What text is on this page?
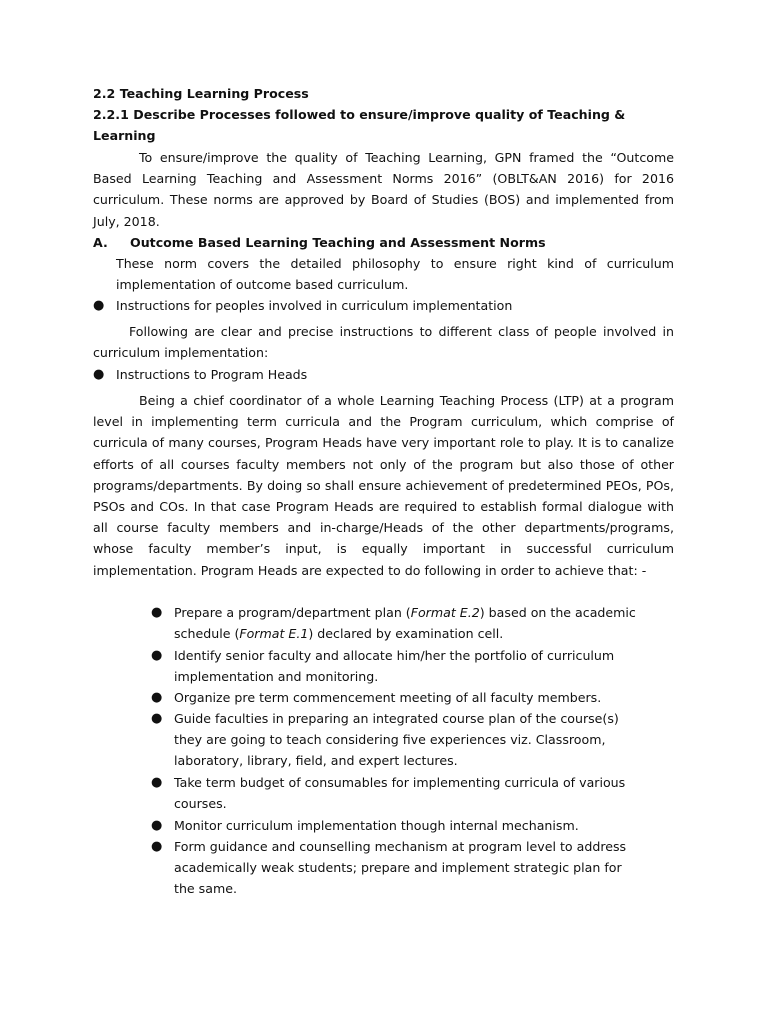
2.2 Teaching Learning Process
2.2.1 Describe Processes followed to ensure/improve quality of Teaching & Learning
To ensure/improve the quality of Teaching Learning, GPN framed the “Outcome Based Learning Teaching and Assessment Norms 2016” (OBLT&AN 2016) for 2016 curriculum. These norms are approved by Board of Studies (BOS) and implemented from July, 2018.
A. Outcome Based Learning Teaching and Assessment Norms
These norm covers the detailed philosophy to ensure right kind of curriculum implementation of outcome based curriculum.
● Instructions for peoples involved in curriculum implementation
Following are clear and precise instructions to different class of people involved in curriculum implementation:
● Instructions to Program Heads
Being a chief coordinator of a whole Learning Teaching Process (LTP) at a program level in implementing term curricula and the Program curriculum, which comprise of curricula of many courses, Program Heads have very important role to play. It is to canalize efforts of all courses faculty members not only of the program but also those of other programs/departments. By doing so shall ensure achievement of predetermined PEOs, POs, PSOs and COs. In that case Program Heads are required to establish formal dialogue with all course faculty members and in-charge/Heads of the other departments/programs, whose faculty member’s input, is equally important in successful curriculum implementation. Program Heads are expected to do following in order to achieve that: -
● Prepare a program/department plan (Format E.2) based on the academic schedule (Format E.1) declared by examination cell.
● Identify senior faculty and allocate him/her the portfolio of curriculum implementation and monitoring.
● Organize pre term commencement meeting of all faculty members.
● Guide faculties in preparing an integrated course plan of the course(s) they are going to teach considering five experiences viz. Classroom, laboratory, library, field, and expert lectures.
● Take term budget of consumables for implementing curricula of various courses.
● Monitor curriculum implementation though internal mechanism.
● Form guidance and counselling mechanism at program level to address academically weak students; prepare and implement strategic plan for the same.
